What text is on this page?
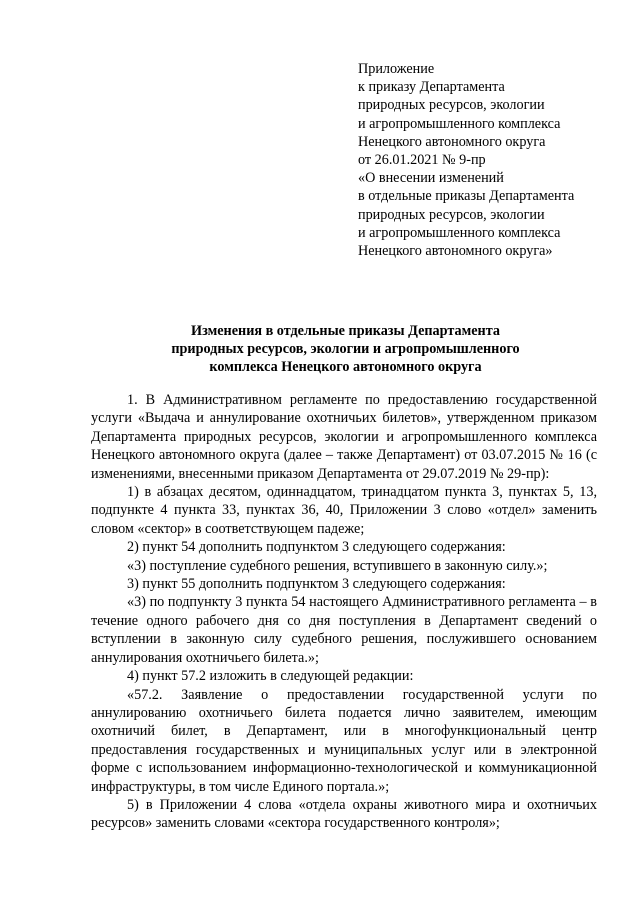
Приложение
к приказу Департамента
природных ресурсов, экологии
и агропромышленного комплекса
Ненецкого автономного округа
от 26.01.2021 № 9-пр
«О внесении изменений
в отдельные приказы Департамента
природных ресурсов, экологии
и агропромышленного комплекса
Ненецкого автономного округа»
Изменения в отдельные приказы Департамента
природных ресурсов, экологии и агропромышленного
комплекса Ненецкого автономного округа

1. В Административном регламенте по предоставлению государственной услуги «Выдача и аннулирование охотничьих билетов», утвержденном приказом Департамента природных ресурсов, экологии и агропромышленного комплекса Ненецкого автономного округа (далее – также Департамент) от 03.07.2015 № 16 (с изменениями, внесенными приказом Департамента от 29.07.2019 № 29-пр):

1) в абзацах десятом, одиннадцатом, тринадцатом пункта 3, пунктах 5, 13, подпункте 4 пункта 33, пунктах 36, 40, Приложении 3 слово «отдел» заменить словом «сектор» в соответствующем падеже;

2) пункт 54 дополнить подпунктом 3 следующего содержания:

«3) поступление судебного решения, вступившего в законную силу.»;

3) пункт 55 дополнить подпунктом 3 следующего содержания:

«3) по подпункту 3 пункта 54 настоящего Административного регламента – в течение одного рабочего дня со дня поступления в Департамент сведений о вступлении в законную силу судебного решения, послужившего основанием аннулирования охотничьего билета.»;

4) пункт 57.2 изложить в следующей редакции:

«57.2. Заявление о предоставлении государственной услуги по аннулированию охотничьего билета подается лично заявителем, имеющим охотничий билет, в Департамент, или в многофункциональный центр предоставления государственных и муниципальных услуг или в электронной форме с использованием информационно-технологической и коммуникационной инфраструктуры, в том числе Единого портала.»;

5) в Приложении 4 слова «отдела охраны животного мира и охотничьих ресурсов» заменить словами «сектора государственного контроля»;
